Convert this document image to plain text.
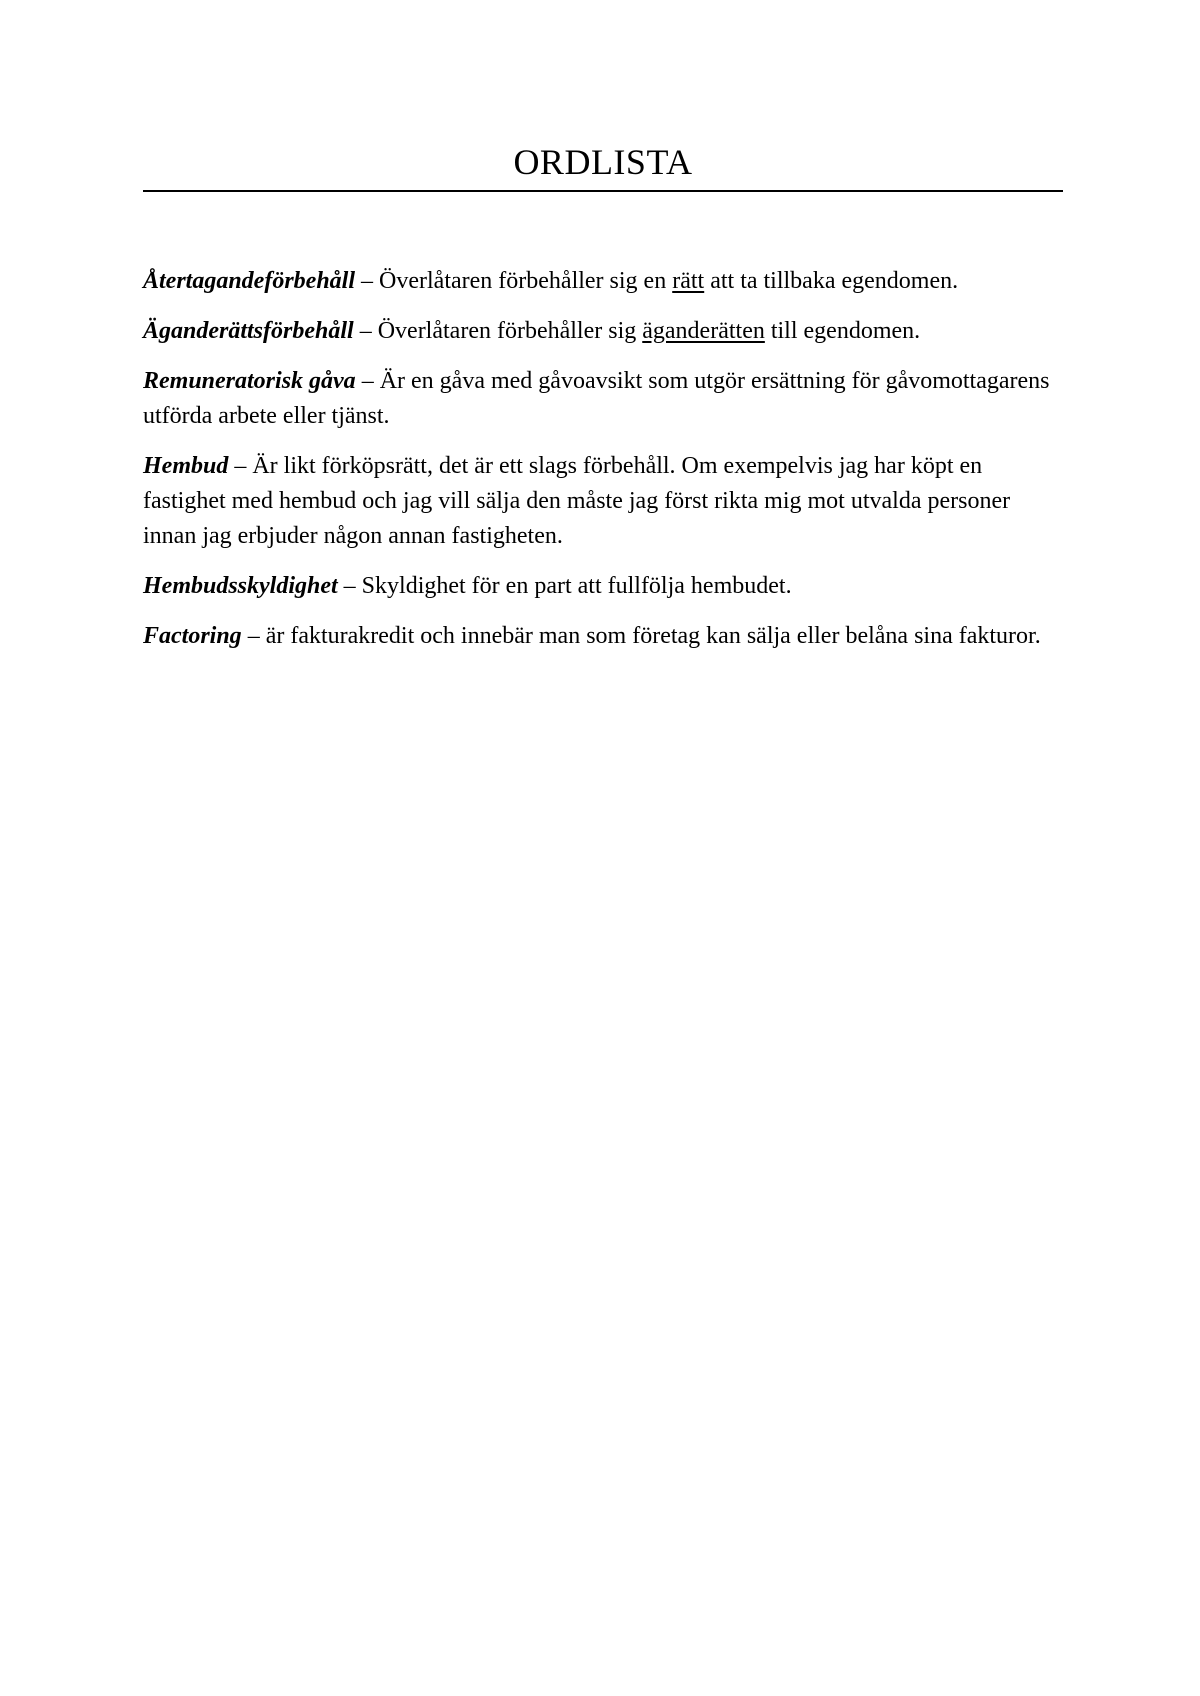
ORDLISTA

Återtagandeförbehåll – Överlåtaren förbehåller sig en rätt att ta tillbaka egendomen.

Äganderättsförbehåll – Överlåtaren förbehåller sig äganderätten till egendomen.

Remuneratorisk gåva – Är en gåva med gåvoavsikt som utgör ersättning för gåvomottagarens utförda arbete eller tjänst.

Hembud – Är likt förköpsrätt, det är ett slags förbehåll. Om exempelvis jag har köpt en fastighet med hembud och jag vill sälja den måste jag först rikta mig mot utvalda personer innan jag erbjuder någon annan fastigheten.

Hembudsskyldighet – Skyldighet för en part att fullfölja hembudet.

Factoring – är fakturakredit och innebär man som företag kan sälja eller belåna sina fakturor.
